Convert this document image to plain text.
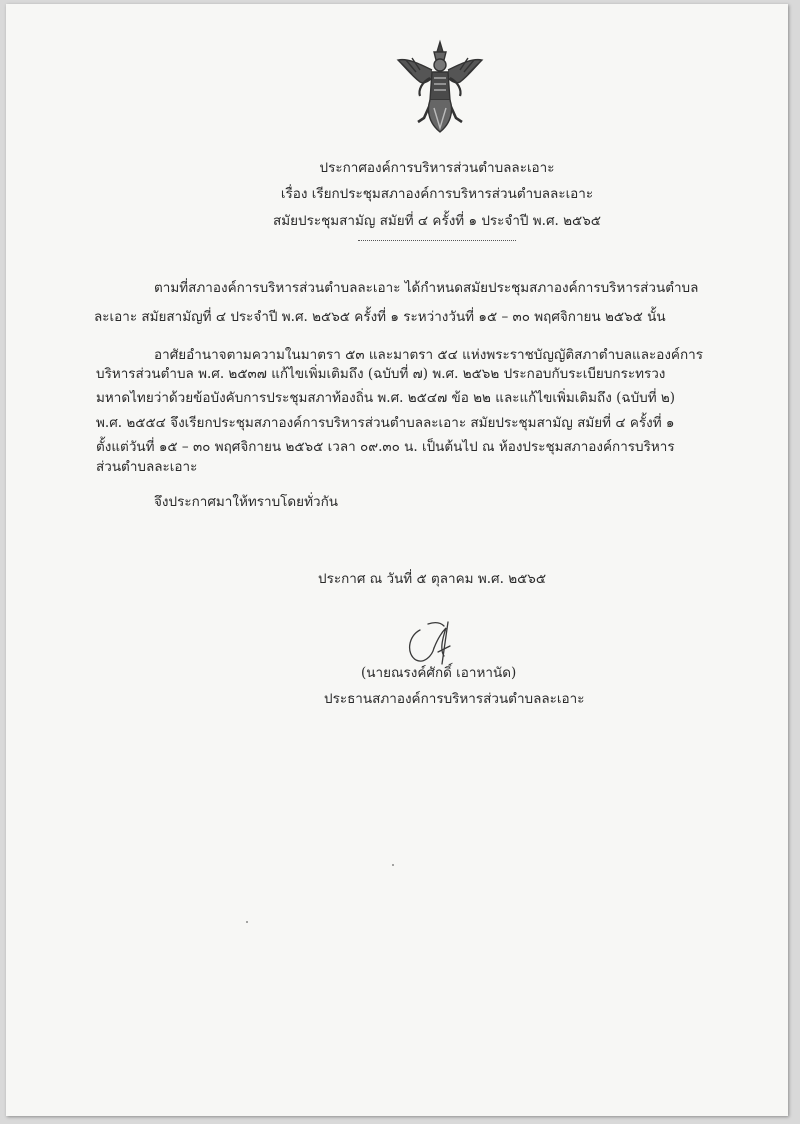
ประกาศองค์การบริหารส่วนตำบลละเอาะ
เรื่อง เรียกประชุมสภาองค์การบริหารส่วนตำบลละเอาะ
สมัยประชุมสามัญ สมัยที่ ๔ ครั้งที่ ๑ ประจำปี พ.ศ. ๒๕๖๕
ตามที่สภาองค์การบริหารส่วนตำบลละเอาะ ได้กำหนดสมัยประชุมสภาองค์การบริหารส่วนตำบล
ละเอาะ สมัยสามัญที่ ๔ ประจำปี พ.ศ. ๒๕๖๕ ครั้งที่ ๑ ระหว่างวันที่ ๑๕ – ๓๐ พฤศจิกายน ๒๕๖๕ นั้น
อาศัยอำนาจตามความในมาตรา ๕๓ และมาตรา ๕๔ แห่งพระราชบัญญัติสภาตำบลและองค์การ
บริหารส่วนตำบล พ.ศ. ๒๕๓๗ แก้ไขเพิ่มเติมถึง (ฉบับที่ ๗) พ.ศ. ๒๕๖๒ ประกอบกับระเบียบกระทรวง
มหาดไทยว่าด้วยข้อบังคับการประชุมสภาท้องถิ่น พ.ศ. ๒๕๔๗ ข้อ ๒๒ และแก้ไขเพิ่มเติมถึง (ฉบับที่ ๒)
พ.ศ. ๒๕๕๔ จึงเรียกประชุมสภาองค์การบริหารส่วนตำบลละเอาะ สมัยประชุมสามัญ สมัยที่ ๔ ครั้งที่ ๑
ตั้งแต่วันที่ ๑๕ – ๓๐ พฤศจิกายน ๒๕๖๕ เวลา ๐๙.๓๐ น. เป็นต้นไป ณ ห้องประชุมสภาองค์การบริหาร
ส่วนตำบลละเอาะ
จึงประกาศมาให้ทราบโดยทั่วกัน
ประกาศ ณ วันที่ ๕ ตุลาคม พ.ศ. ๒๕๖๕
(นายณรงค์ศักดิ์ เอาหานัด)
ประธานสภาองค์การบริหารส่วนตำบลละเอาะ
